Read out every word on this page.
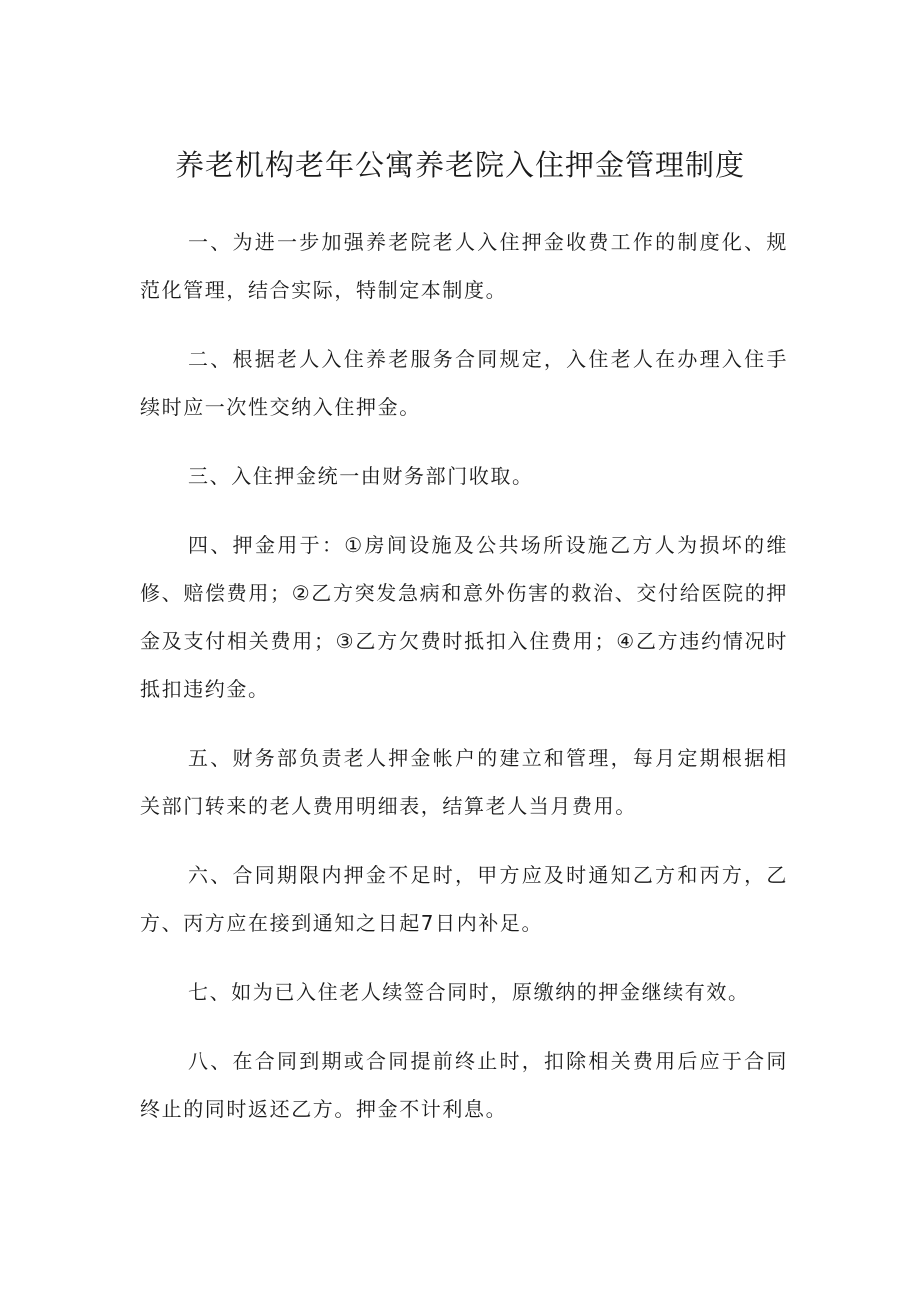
养老机构老年公寓养老院入住押金管理制度

一、为进一步加强养老院老人入住押金收费工作的制度化、规范化管理，结合实际，特制定本制度。

二、根据老人入住养老服务合同规定，入住老人在办理入住手续时应一次性交纳入住押金。

三、入住押金统一由财务部门收取。

四、押金用于：①房间设施及公共场所设施乙方人为损坏的维修、赔偿费用；②乙方突发急病和意外伤害的救治、交付给医院的押金及支付相关费用；③乙方欠费时抵扣入住费用；④乙方违约情况时抵扣违约金。

五、财务部负责老人押金帐户的建立和管理，每月定期根据相关部门转来的老人费用明细表，结算老人当月费用。

六、合同期限内押金不足时，甲方应及时通知乙方和丙方，乙方、丙方应在接到通知之日起7日内补足。

七、如为已入住老人续签合同时，原缴纳的押金继续有效。

八、在合同到期或合同提前终止时，扣除相关费用后应于合同终止的同时返还乙方。押金不计利息。
